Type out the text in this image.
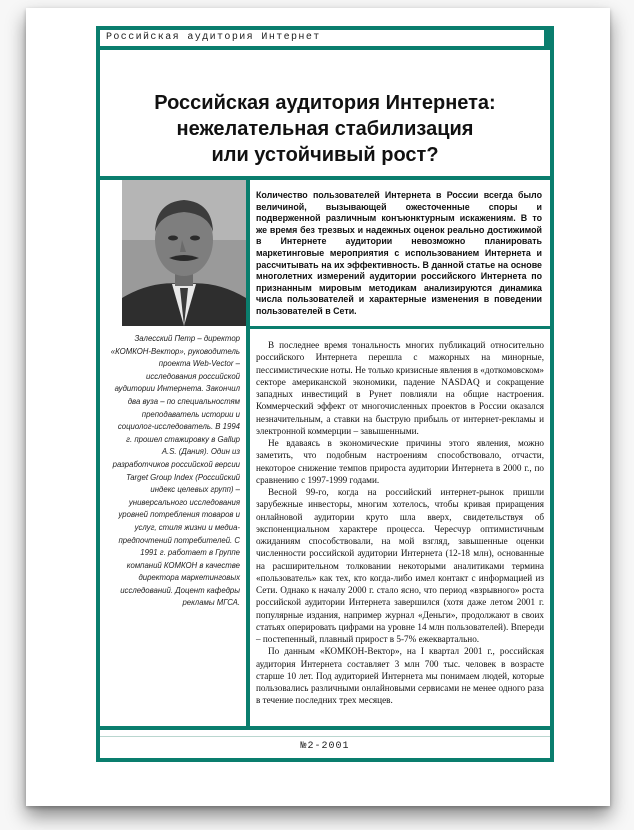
Российская аудитория Интернет	7
Российская аудитория Интернета:
нежелательная стабилизация
или устойчивый рост?
Количество пользователей Интернета в России всегда было величиной, вызывающей ожесточенные споры и подверженной различным конъюнктурным искажениям. В то же время без трезвых и надежных оценок реально достижимой в Интернете аудитории невозможно планировать маркетинговые мероприятия с использованием Интернета и рассчитывать на их эффективность. В данной статье на основе многолетних измерений аудитории российского Интернета по признанным мировым методикам анализируются динамика числа пользователей и характерные изменения в поведении пользователей в Сети.
Залесский Петр – директор «КОМКОН-Вектор», руководитель проекта Web-Vector – исследования российской аудитории Интернета. Закончил два вуза – по специальностям преподаватель истории и социолог-исследователь. В 1994 г. прошел стажировку в Gallup A.S. (Дания). Один из разработчиков российской версии Target Group Index (Российский индекс целевых групп) – универсального исследования уровней потребления товаров и услуг, стиля жизни и медиа-предпочтений потребителей. С 1991 г. работает в Группе компаний КОМКОН в качестве директора маркетинговых исследований. Доцент кафедры рекламы МГСА.

В последнее время тональность многих публикаций относительно российского Интернета перешла с мажорных на минорные, пессимистические ноты. Не только кризисные явления в «доткомовском» секторе американской экономики, падение NASDAQ и сокращение западных инвестиций в Рунет повлияли на общие настроения. Коммерческий эффект от многочисленных проектов в России оказался незначительным, а ставки на быструю прибыль от интернет-рекламы и электронной коммерции – завышенными.

Не вдаваясь в экономические причины этого явления, можно заметить, что подобным настроениям способствовало, отчасти, некоторое снижение темпов прироста аудитории Интернета в 2000 г., по сравнению с 1997-1999 годами.

Весной 99-го, когда на российский интернет-рынок пришли зарубежные инвесторы, многим хотелось, чтобы кривая приращения онлайновой аудитории круто шла вверх, свидетельствуя об экспоненциальном характере процесса. Чересчур оптимистичным ожиданиям способствовали, на мой взгляд, завышенные оценки численности российской аудитории Интернета (12-18 млн), основанные на расширительном толковании некоторыми аналитиками термина «пользователь» как тех, кто когда-либо имел контакт с информацией из Сети. Однако к началу 2000 г. стало ясно, что период «взрывного» роста российской аудитории Интернета завершился (хотя даже летом 2001 г. популярные издания, например журнал «Деньги», продолжают в своих статьях оперировать цифрами на уровне 14 млн пользователей). Впереди – постепенный, плавный прирост в 5-7% ежеквартально.

По данным «КОМКОН-Вектор», на I квартал 2001 г., российская аудитория Интернета составляет 3 млн 700 тыс. человек в возрасте старше 10 лет. Под аудиторией Интернета мы понимаем людей, которые пользовались различными онлайновыми сервисами не менее одного раза в течение последних трех месяцев.

№2-2001
